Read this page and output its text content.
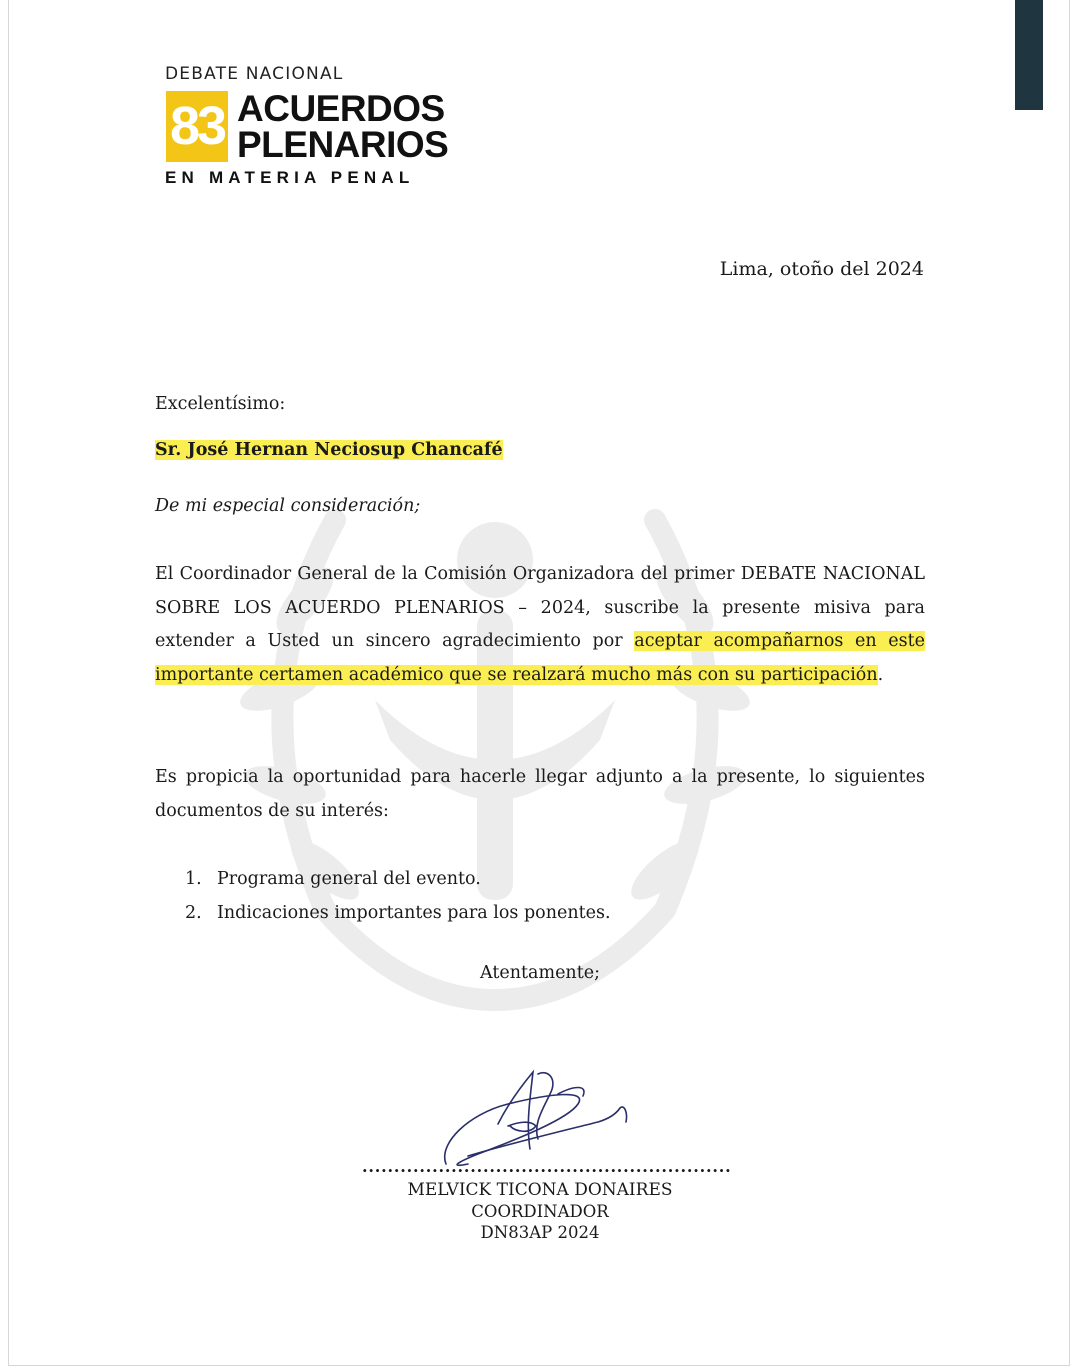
DEBATE NACIONAL
83 ACUERDOS
PLENARIOS
EN MATERIA PENAL
Lima, otoño del 2024
Excelentísimo:
Sr. José Hernan Neciosup Chancafé
De mi especial consideración;
El Coordinador General de la Comisión Organizadora del primer DEBATE NACIONAL SOBRE LOS ACUERDO PLENARIOS – 2024, suscribe la presente misiva para extender a Usted un sincero agradecimiento por aceptar acompañarnos en este importante certamen académico que se realzará mucho más con su participación.
Es propicia la oportunidad para hacerle llegar adjunto a la presente, lo siguientes documentos de su interés:
1. Programa general del evento.
2. Indicaciones importantes para los ponentes.
Atentamente;
..........................................................
MELVICK TICONA DONAIRES
COORDINADOR
DN83AP 2024
